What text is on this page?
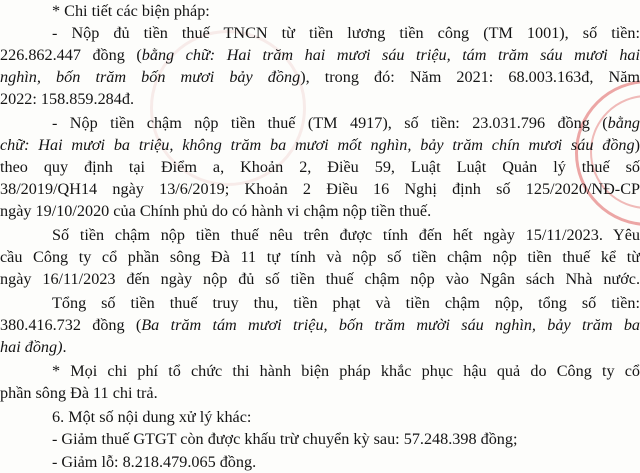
* Chi tiết các biện pháp:
- Nộp đủ tiền thuế TNCN từ tiền lương tiền công (TM 1001), số tiền:
226.862.447 đồng (bằng chữ: Hai trăm hai mươi sáu triệu, tám trăm sáu mươi hai
nghìn, bốn trăm bốn mươi bảy đồng), trong đó: Năm 2021: 68.003.163đ, Năm
2022: 158.859.284đ.
- Nộp tiền chậm nộp tiền thuế (TM 4917), số tiền: 23.031.796 đồng (bằng
chữ: Hai mươi ba triệu, không trăm ba mươi mốt nghìn, bảy trăm chín mươi sáu đồng)
theo quy định tại Điểm a, Khoản 2, Điều 59, Luật Luật Quản lý thuế số
38/2019/QH14 ngày 13/6/2019; Khoản 2 Điều 16 Nghị định số 125/2020/NĐ-CP
ngày 19/10/2020 của Chính phủ do có hành vi chậm nộp tiền thuế.
Số tiền chậm nộp tiền thuế nêu trên được tính đến hết ngày 15/11/2023. Yêu
cầu Công ty cổ phần sông Đà 11 tự tính và nộp số tiền chậm nộp tiền thuế kể từ
ngày 16/11/2023 đến ngày nộp đủ số tiền thuế chậm nộp vào Ngân sách Nhà nước.
Tổng số tiền thuế truy thu, tiền phạt và tiền chậm nộp, tổng số tiền:
380.416.732 đồng (Ba trăm tám mươi triệu, bốn trăm mười sáu nghìn, bảy trăm ba
hai đồng).
* Mọi chi phí tổ chức thi hành biện pháp khắc phục hậu quả do Công ty cổ
phần sông Đà 11 chi trả.
6. Một số nội dung xử lý khác:
- Giảm thuế GTGT còn được khấu trừ chuyển kỳ sau: 57.248.398 đồng;
- Giảm lỗ: 8.218.479.065 đồng.
